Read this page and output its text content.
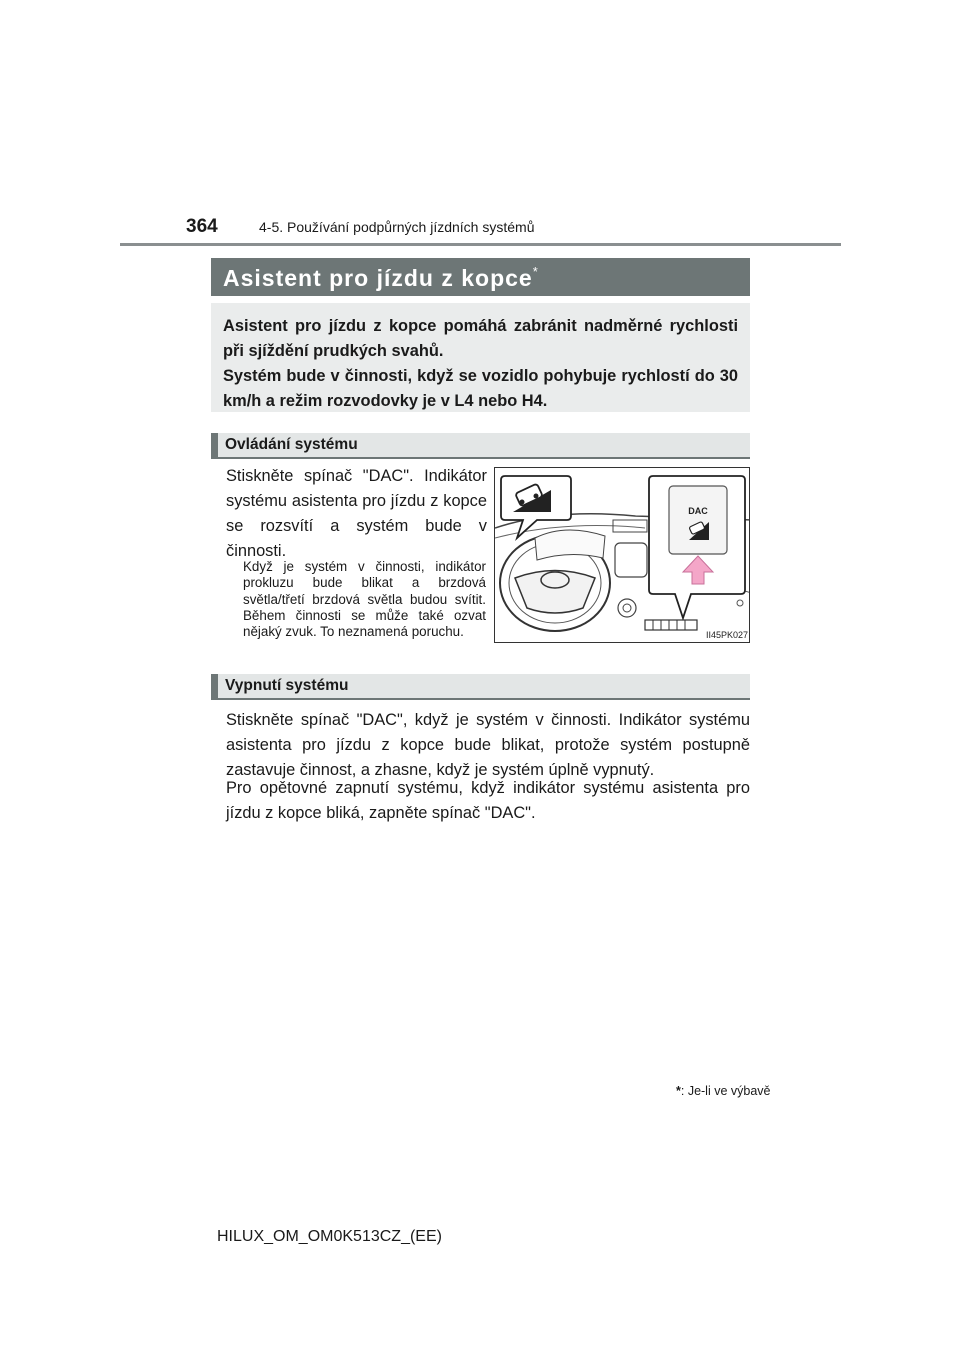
364	4-5. Používání podpůrných jízdních systémů
Asistent pro jízdu z kopce*

Asistent pro jízdu z kopce pomáhá zabránit nadměrné rychlosti při sjíždění prudkých svahů.

Systém bude v činnosti, když se vozidlo pohybuje rychlostí do 30 km/h a režim rozvodovky je v L4 nebo H4.

Ovládání systému
Stiskněte spínač "DAC". Indikátor systému asistenta pro jízdu z kopce se rozsvítí a systém bude v činnosti.
Když je systém v činnosti, indikátor prokluzu bude blikat a brzdová světla/třetí brzdová světla budou svítit. Během činnosti se může také ozvat nějaký zvuk. To neznamená poruchu.
DAC
II45PK027
Vypnutí systému
Stiskněte spínač "DAC", když je systém v činnosti. Indikátor systému asistenta pro jízdu z kopce bude blikat, protože systém postupně zastavuje činnost, a zhasne, když je systém úplně vypnutý.
Pro opětovné zapnutí systému, když indikátor systému asistenta pro jízdu z kopce bliká, zapněte spínač "DAC".
*: Je-li ve výbavě
HILUX_OM_OM0K513CZ_(EE)
